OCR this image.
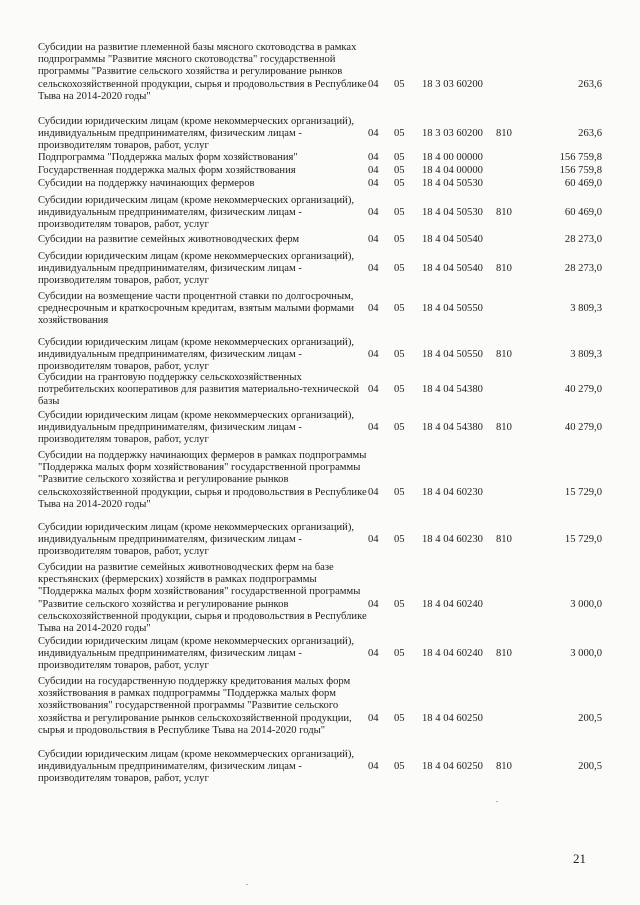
Субсидии на развитие племенной базы мясного скотоводства в рамках подпрограммы "Развитие мясного скотоводства" государственной программы "Развитие сельского хозяйства и регулирование рынков сельскохозяйственной продукции, сырья и продовольствия в Республике Тыва на 2014-2020 годы"
04 05 18 3 03 60200	263,6
Субсидии юридическим лицам (кроме некоммерческих организаций), индивидуальным предпринимателям, физическим лицам - производителям товаров, работ, услуг
04 05 18 3 03 60200 810	263,6
Подпрограмма "Поддержка малых форм хозяйствования"	04 05 18 4 00 00000	156 759,8
Государственная поддержка малых форм хозяйствования	04 05 18 4 04 00000	156 759,8
Субсидии на поддержку начинающих фермеров	04 05 18 4 04 50530	60 469,0
Субсидии юридическим лицам (кроме некоммерческих организаций), индивидуальным предпринимателям, физическим лицам - производителям товаров, работ, услуг
04 05 18 4 04 50530 810	60 469,0
Субсидии на развитие семейных животноводческих ферм	04 05 18 4 04 50540	28 273,0
Субсидии юридическим лицам (кроме некоммерческих организаций), индивидуальным предпринимателям, физическим лицам - производителям товаров, работ, услуг
04 05 18 4 04 50540 810	28 273,0
Субсидии на возмещение части процентной ставки по долгосрочным, среднесрочным и краткосрочным кредитам, взятым малыми формами хозяйствования
04 05 18 4 04 50550	3 809,3
Субсидии юридическим лицам (кроме некоммерческих организаций), индивидуальным предпринимателям, физическим лицам - производителям товаров, работ, услуг
04 05 18 4 04 50550 810	3 809,3
Субсидии на грантовую поддержку сельскохозяйственных потребительских кооперативов для развития материально-технической базы
04 05 18 4 04 54380	40 279,0
Субсидии юридическим лицам (кроме некоммерческих организаций), индивидуальным предпринимателям, физическим лицам - производителям товаров, работ, услуг
04 05 18 4 04 54380 810	40 279,0
Субсидии на поддержку начинающих фермеров в рамках подпрограммы "Поддержка малых форм хозяйствования" государственной программы "Развитие сельского хозяйства и регулирование рынков сельскохозяйственной продукции, сырья и продовольствия в Республике Тыва на 2014-2020 годы"
04 05 18 4 04 60230	15 729,0
Субсидии юридическим лицам (кроме некоммерческих организаций), индивидуальным предпринимателям, физическим лицам - производителям товаров, работ, услуг
04 05 18 4 04 60230 810	15 729,0
Субсидии на развитие семейных животноводческих ферм на базе крестьянских (фермерских) хозяйств в рамках подпрограммы "Поддержка малых форм хозяйствования" государственной программы "Развитие сельского хозяйства и регулирование рынков сельскохозяйственной продукции, сырья и продовольствия в Республике Тыва на 2014-2020 годы"
04 05 18 4 04 60240	3 000,0
Субсидии юридическим лицам (кроме некоммерческих организаций), индивидуальным предпринимателям, физическим лицам - производителям товаров, работ, услуг
04 05 18 4 04 60240 810	3 000,0
Субсидии на государственную поддержку кредитования малых форм хозяйствования в рамках подпрограммы "Поддержка малых форм хозяйствования" государственной программы "Развитие сельского хозяйства и регулирование рынков сельскохозяйственной продукции, сырья и продовольствия в Республике Тыва на 2014-2020 годы"
04 05 18 4 04 60250	200,5
Субсидии юридическим лицам (кроме некоммерческих организаций), индивидуальным предпринимателям, физическим лицам - производителям товаров, работ, услуг
04 05 18 4 04 60250 810	200,5
21
